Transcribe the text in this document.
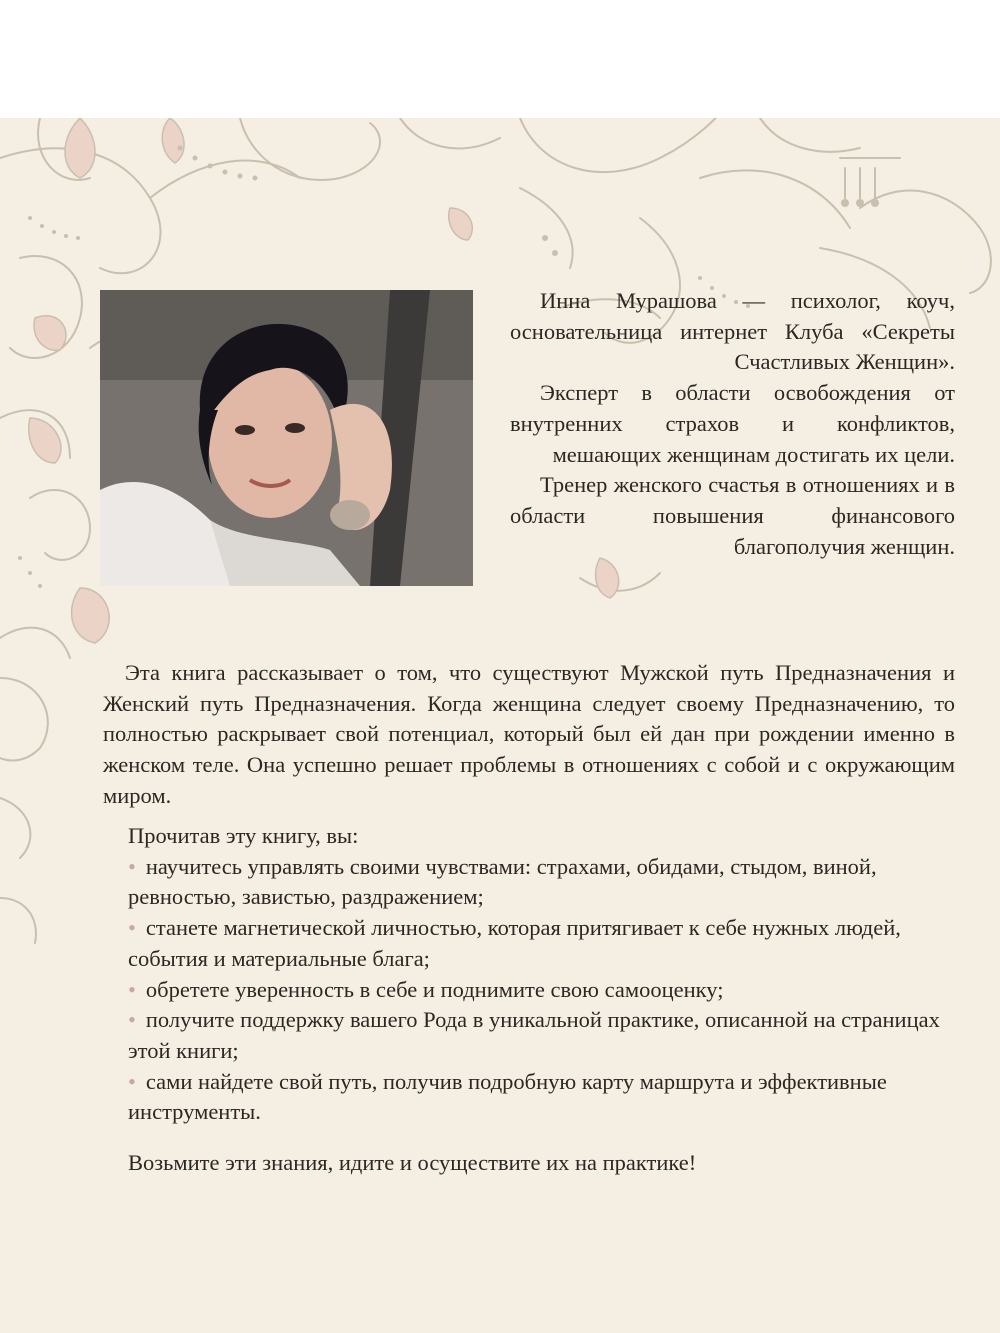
Инна Мурашова — психолог, коуч, основательница интернет Клуба «Секреты Счастливых Женщин».

Эксперт в области освобождения от внутренних страхов и конфликтов, мешающих женщинам достигать их цели.

Тренер женского счастья в отношениях и в области повышения финансового благополучия женщин.

Эта книга рассказывает о том, что существуют Мужской путь Предназначения и Женский путь Предназначения. Когда женщина следует своему Предназначению, то полностью раскрывает свой потенциал, который был ей дан при рождении именно в женском теле. Она успешно решает проблемы в отношениях с собой и с окружающим миром.

Прочитав эту книгу, вы:

• научитесь управлять своими чувствами: страхами, обидами, стыдом, виной, ревностью, завистью, раздражением;
• станете магнетической личностью, которая притягивает к себе нужных людей, события и материальные блага;
• обретете уверенность в себе и поднимите свою самооценку;
• получите поддержку вашего Рода в уникальной практике, описанной на страницах этой книги;
• сами найдете свой путь, получив подробную карту маршрута и эффективные инструменты.

Возьмите эти знания, идите и осуществите их на практике!
